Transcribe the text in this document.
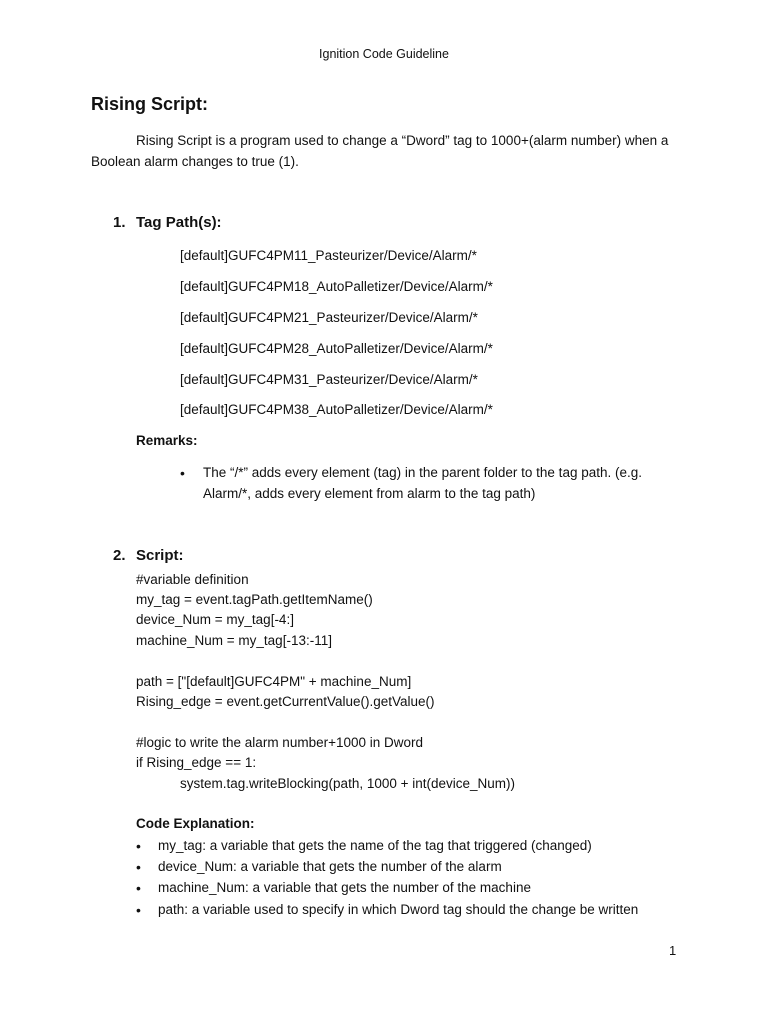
Ignition Code Guideline
Rising Script:
Rising Script is a program used to change a “Dword” tag to 1000+(alarm number) when a Boolean alarm changes to true (1).
1. Tag Path(s):
[default]GUFC4PM11_Pasteurizer/Device/Alarm/*
[default]GUFC4PM18_AutoPalletizer/Device/Alarm/*
[default]GUFC4PM21_Pasteurizer/Device/Alarm/*
[default]GUFC4PM28_AutoPalletizer/Device/Alarm/*
[default]GUFC4PM31_Pasteurizer/Device/Alarm/*
[default]GUFC4PM38_AutoPalletizer/Device/Alarm/*
Remarks:
• The “/*” adds every element (tag) in the parent folder to the tag path. (e.g.
Alarm/*, adds every element from alarm to the tag path)
2. Script:
#variable definition
my_tag = event.tagPath.getItemName()
device_Num = my_tag[-4:]
machine_Num = my_tag[-13:-11]
path = ["[default]GUFC4PM" + machine_Num]
Rising_edge = event.getCurrentValue().getValue()
#logic to write the alarm number+1000 in Dword
if Rising_edge == 1:
system.tag.writeBlocking(path, 1000 + int(device_Num))
Code Explanation:
• my_tag: a variable that gets the name of the tag that triggered (changed)
• device_Num: a variable that gets the number of the alarm
• machine_Num: a variable that gets the number of the machine
• path: a variable used to specify in which Dword tag should the change be written
1
